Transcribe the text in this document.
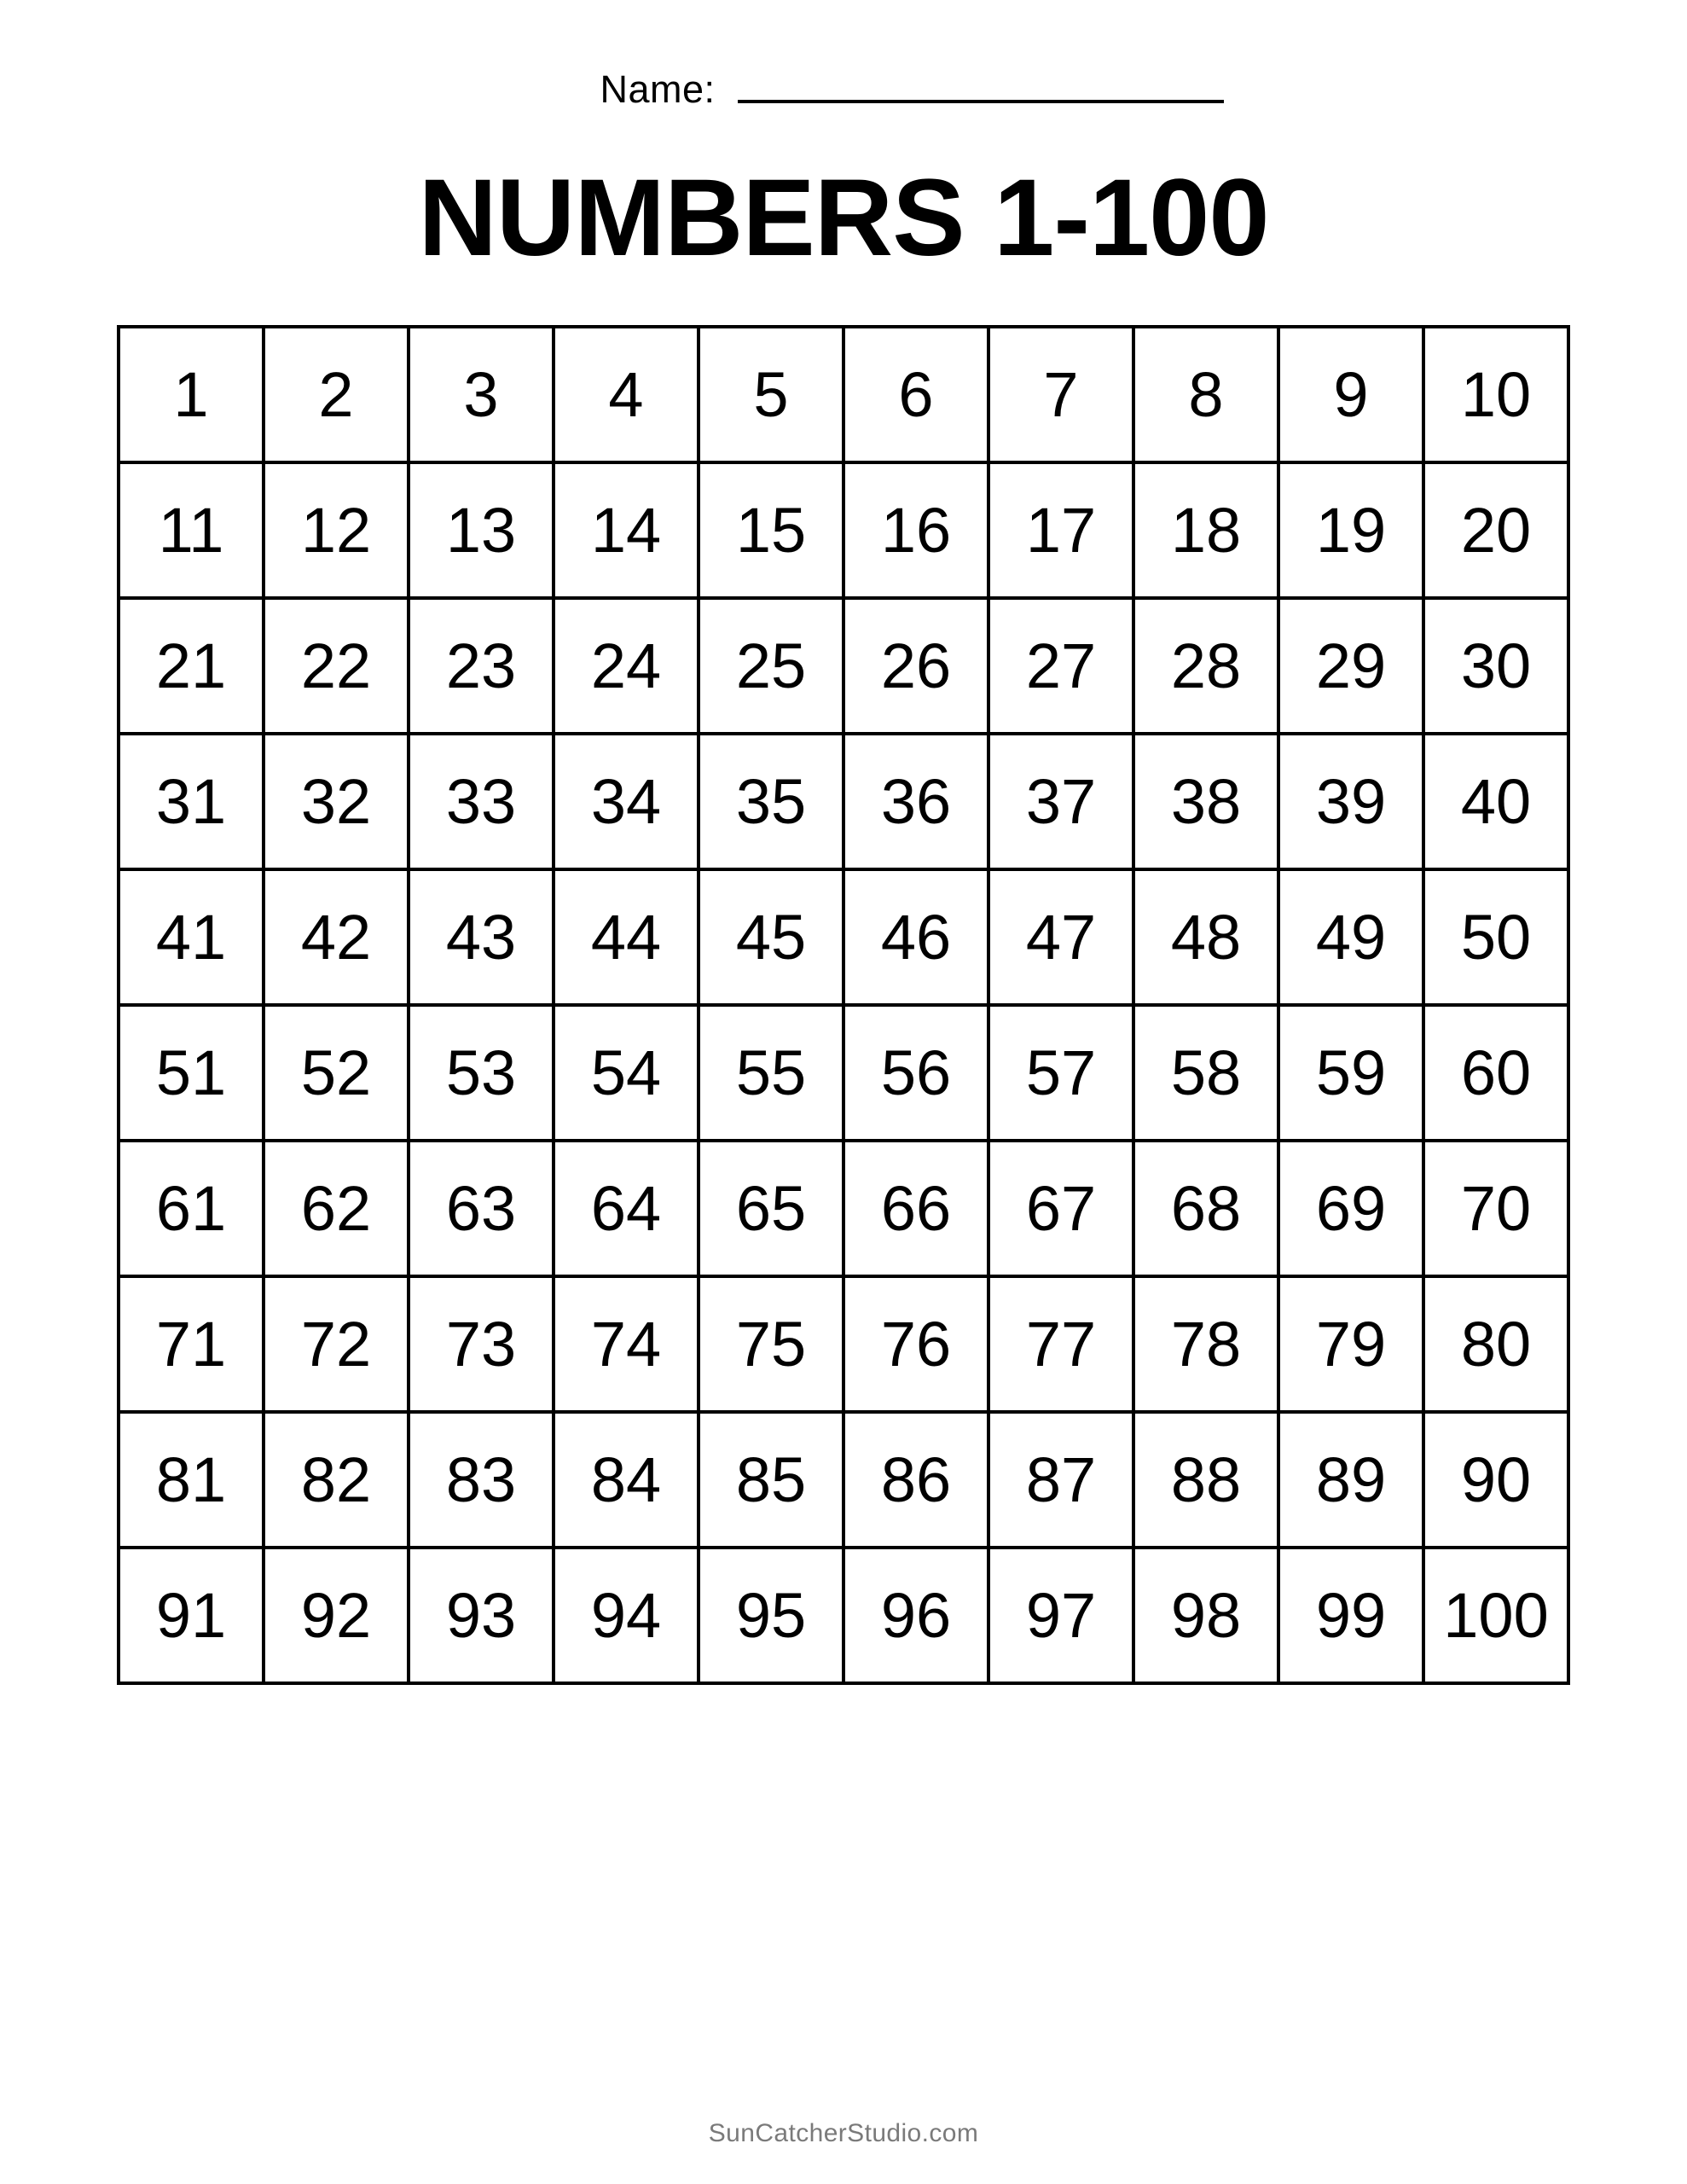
Name:
NUMBERS 1-100
1	2	3	4	5	6	7	8	9	10
11	12	13	14	15	16	17	18	19	20
21	22	23	24	25	26	27	28	29	30
31	32	33	34	35	36	37	38	39	40
41	42	43	44	45	46	47	48	49	50
51	52	53	54	55	56	57	58	59	60
61	62	63	64	65	66	67	68	69	70
71	72	73	74	75	76	77	78	79	80
81	82	83	84	85	86	87	88	89	90
91	92	93	94	95	96	97	98	99	100
SunCatcherStudio.com
